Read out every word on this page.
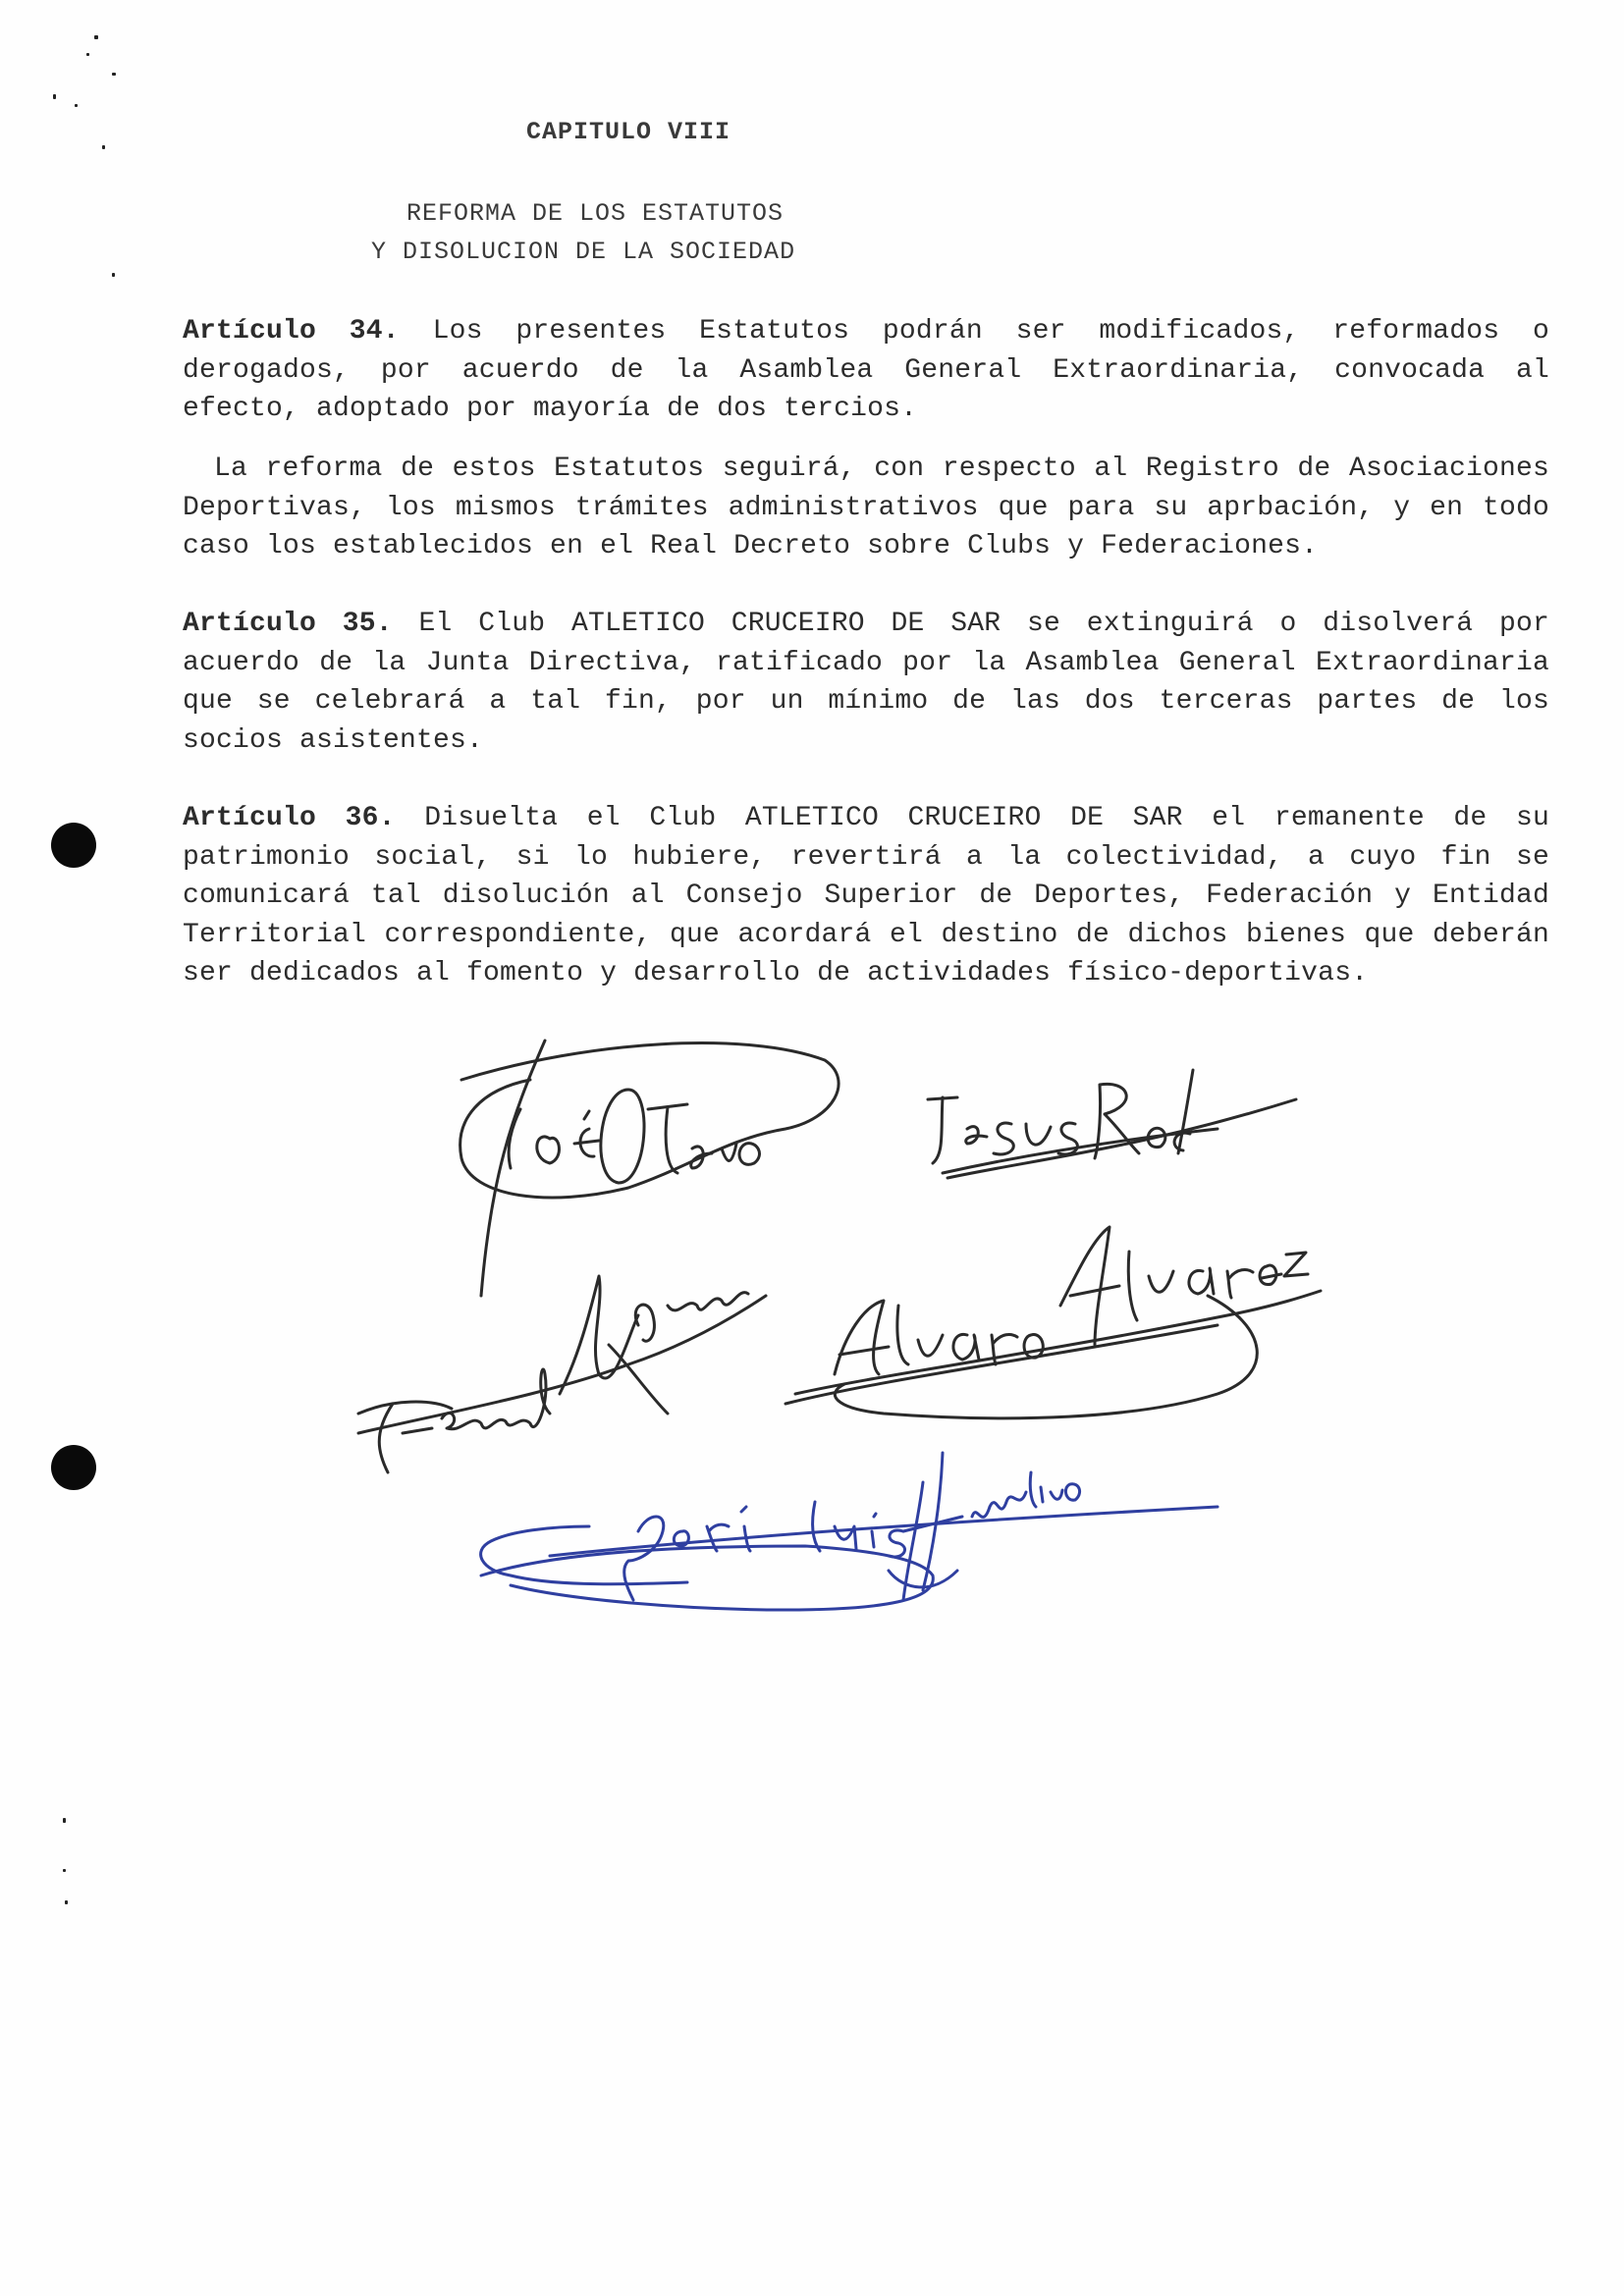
CAPITULO VIII
REFORMA DE LOS ESTATUTOS
Y DISOLUCION DE LA SOCIEDAD
Artículo 34. Los presentes Estatutos podrán ser modificados, reformados o derogados, por acuerdo de la Asamblea General Extraordinaria, convocada al efecto, adoptado por mayoría de dos tercios.
La reforma de estos Estatutos seguirá, con respecto al Registro de Asociaciones Deportivas, los mismos trámites administrativos que para su aprbación, y en todo caso los establecidos en el Real Decreto sobre Clubs y Federaciones.
Artículo 35. El Club ATLETICO CRUCEIRO DE SAR se extinguirá o disolverá por acuerdo de la Junta Directiva, ratificado por la Asamblea General Extraordinaria que se celebrará a tal fin, por un mínimo de las dos terceras partes de los socios asistentes.
Artículo 36. Disuelta el Club ATLETICO CRUCEIRO DE SAR el remanente de su patrimonio social, si lo hubiere, revertirá a la colectividad, a cuyo fin se comunicará tal disolución al Consejo Superior de Deportes, Federación y Entidad Territorial correspondiente, que acordará el destino de dichos bienes que deberán ser dedicados al fomento y desarrollo de actividades físico-deportivas.
